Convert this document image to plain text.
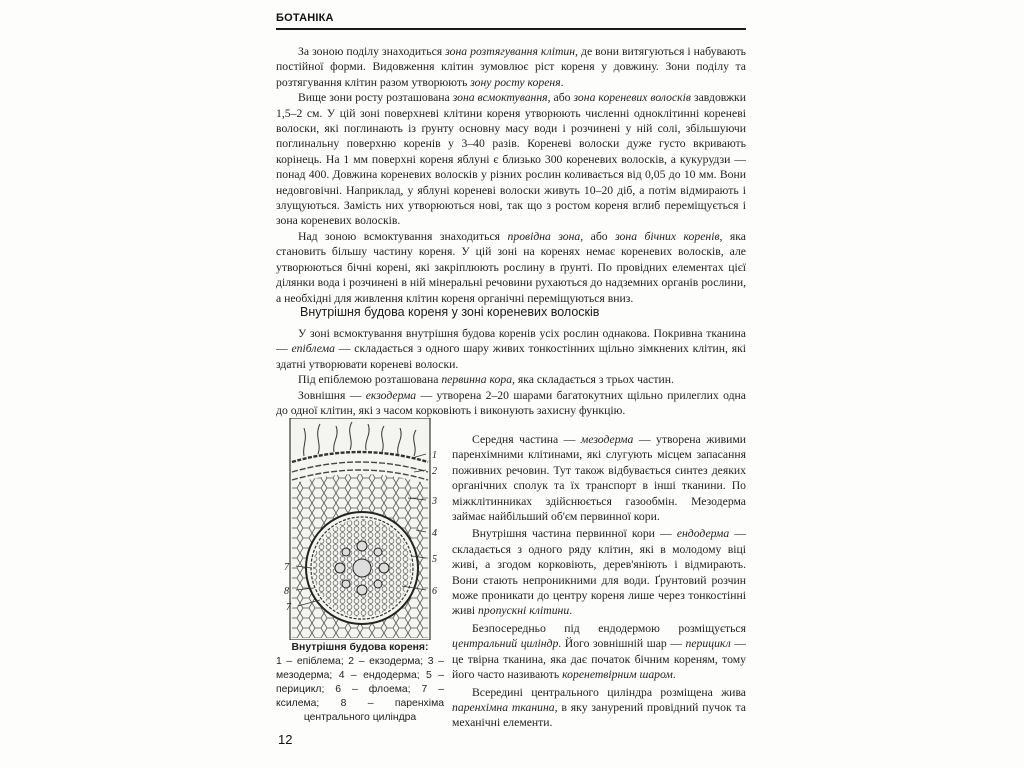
БОТАНІКА

За зоною поділу знаходиться зона розтягування клітин, де вони витягуються і набувають постійної форми. Видовження клітин зумовлює ріст кореня у довжину. Зони поділу та розтягування клітин разом утворюють зону росту кореня.

Вище зони росту розташована зона всмоктування, або зона кореневих волосків завдовжки 1,5–2 см. У цій зоні поверхневі клітини кореня утворюють численні одноклітинні кореневі волоски, які поглинають із ґрунту основну масу води і розчинені у ній солі, збільшуючи поглинальну поверхню коренів у 3–40 разів. Кореневі волоски дуже густо вкривають корінець. На 1 мм поверхні кореня яблуні є близько 300 кореневих волосків, а кукурудзи — понад 400. Довжина кореневих волосків у різних рослин коливається від 0,05 до 10 мм. Вони недовговічні. Наприклад, у яблуні кореневі волоски живуть 10–20 діб, а потім відмирають і злущуються. Замість них утворюються нові, так що з ростом кореня вглиб переміщується і зона кореневих волосків.

Над зоною всмоктування знаходиться провідна зона, або зона бічних коренів, яка становить більшу частину кореня. У цій зоні на коренях немає кореневих волосків, але утворюються бічні корені, які закріплюють рослину в ґрунті. По провідних елементах цієї ділянки вода і розчинені в ній мінеральні речовини рухаються до надземних органів рослини, а необхідні для живлення клітин кореня органічні переміщуються вниз.

Внутрішня будова кореня у зоні кореневих волосків

У зоні всмоктування внутрішня будова коренів усіх рослин однакова. Покривна тканина — епіблема — складається з одного шару живих тонкостінних щільно зімкнених клітин, які здатні утворювати кореневі волоски.

Під епіблемою розташована первинна кора, яка складається з трьох частин.

Зовнішня — екзодерма — утворена 2–20 шарами багатокутних щільно прилеглих одна до одної клітин, які з часом корковіють і виконують захисну функцію.

Середня частина — мезодерма — утворена живими паренхімними клітинами, які слугують місцем запасання поживних речовин. Тут також відбувається синтез деяких органічних сполук та їх транспорт в інші тканини. По міжклітинниках здійснюється газообмін. Мезодерма займає найбільший об'єм первинної кори.

Внутрішня частина первинної кори — ендодерма — складається з одного ряду клітин, які в молодому віці живі, а згодом корковіють, дерев'яніють і відмирають. Вони стають непроникними для води. Ґрунтовий розчин може проникати до центру кореня лише через тонкостінні живі пропускні клітини.

Безпосередньо під ендодермою розміщується центральний циліндр. Його зовнішній шар — перицикл — це твірна тканина, яка дає початок бічним кореням, тому його часто називають коренетвірним шаром.

Всередині центрального циліндра розміщена жива паренхімна тканина, в яку занурений провідний пучок та механічні елементи.

1
2
3
4
5
6
7
8
7
Внутрішня будова кореня:
1 – епіблема; 2 – екзодерма; 3 – мезодерма; 4 – ендодерма; 5 – перицикл; 6 – флоема; 7 – ксилема; 8 – паренхіма центрального циліндра
12
